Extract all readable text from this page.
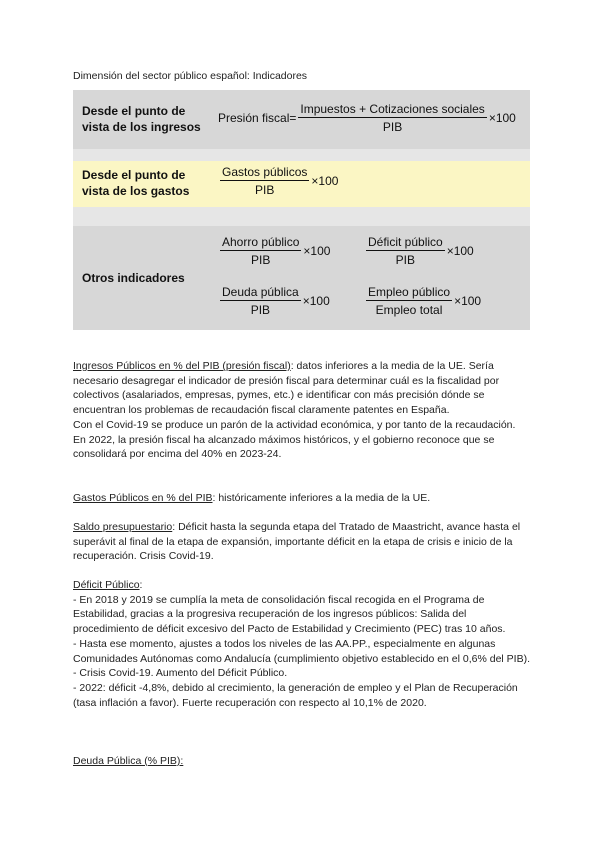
Dimensión del sector público español: Indicadores
Desde el punto de
vista de los ingresos
Presión fiscal= $\frac{\text{Impuestos + Cotizaciones sociales}}{\text{PIB}} \times 100$
Desde el punto de
vista de los gastos	$\frac{\text{Gastos públicos}}{\text{PIB}} \times 100$
Otros indicadores
$\frac{\text{Ahorro público}}{\text{PIB}} \times 100$	$\frac{\text{Déficit público}}{\text{PIB}} \times 100$
$\frac{\text{Deuda pública}}{\text{PIB}} \times 100$	$\frac{\text{Empleo público}}{\text{Empleo total}} \times 100$

Ingresos Públicos en % del PIB (presión fiscal): datos inferiores a la media de la UE. Sería necesario desagregar el indicador de presión fiscal para determinar cuál es la fiscalidad por colectivos (asalariados, empresas, pymes, etc.) e identificar con más precisión dónde se encuentran los problemas de recaudación fiscal claramente patentes en España.

Con el Covid-19 se produce un parón de la actividad económica, y por tanto de la recaudación.

En 2022, la presión fiscal ha alcanzado máximos históricos, y el gobierno reconoce que se consolidará por encima del 40% en 2023-24.

Gastos Públicos en % del PIB: históricamente inferiores a la media de la UE.

Saldo presupuestario: Déficit hasta la segunda etapa del Tratado de Maastricht, avance hasta el superávit al final de la etapa de expansión, importante déficit en la etapa de crisis e inicio de la recuperación. Crisis Covid-19.

Déficit Público:

- En 2018 y 2019 se cumplía la meta de consolidación fiscal recogida en el Programa de Estabilidad, gracias a la progresiva recuperación de los ingresos públicos: Salida del procedimiento de déficit excesivo del Pacto de Estabilidad y Crecimiento (PEC) tras 10 años.

- Hasta ese momento, ajustes a todos los niveles de las AA.PP., especialmente en algunas Comunidades Autónomas como Andalucía (cumplimiento objetivo establecido en el 0,6% del PIB).

- Crisis Covid-19. Aumento del Déficit Público.

- 2022: déficit -4,8%, debido al crecimiento, la generación de empleo y el Plan de Recuperación (tasa inflación a favor). Fuerte recuperación con respecto al 10,1% de 2020.

Deuda Pública (% PIB):
